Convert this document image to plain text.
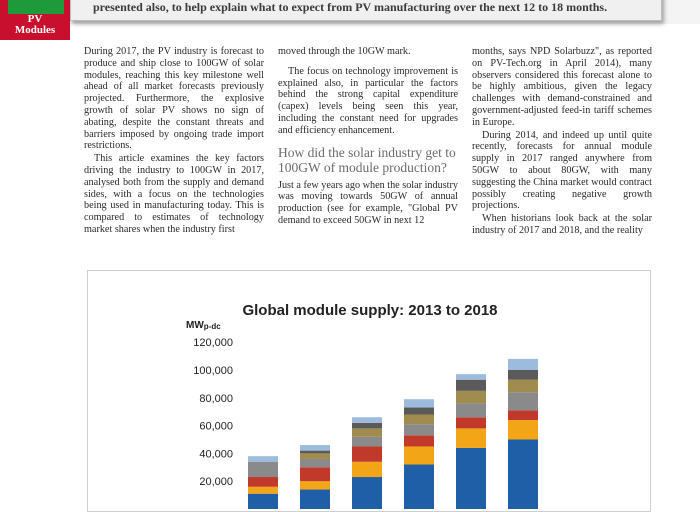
presented also, to help explain what to expect from PV manufacturing over the next 12 to 18 months.
PV
Modules

During 2017, the PV industry is forecast to produce and ship close to 100GW of solar modules, reaching this key milestone well ahead of all market forecasts previously projected. Furthermore, the explosive growth of solar PV shows no sign of abating, despite the constant threats and barriers imposed by ongoing trade import restrictions.

This article examines the key factors driving the industry to 100GW in 2017, analysed both from the supply and demand sides, with a focus on the technologies being used in manufacturing today. This is compared to estimates of technology market shares when the industry first

moved through the 10GW mark.

The focus on technology improvement is explained also, in particular the factors behind the strong capital expenditure (capex) levels being seen this year, including the constant need for upgrades and efficiency enhancement.

How did the solar industry get to 100GW of module production?

Just a few years ago when the solar industry was moving towards 50GW of annual production (see for example, "Global PV demand to exceed 50GW in next 12

months, says NPD Solarbuzz", as reported on PV-Tech.org in April 2014), many observers considered this forecast alone to be highly ambitious, given the legacy challenges with demand-constrained and government-adjusted feed-in tariff schemes in Europe.

During 2014, and indeed up until quite recently, forecasts for annual module supply in 2017 ranged anywhere from 50GW to about 80GW, with many suggesting the China market would contract possibly creating negative growth projections.

When historians look back at the solar industry of 2017 and 2018, and the reality

Global module supply: 2013 to 2018
MWp-dc
120,000
100,000
80,000
60,000
40,000
20,000
